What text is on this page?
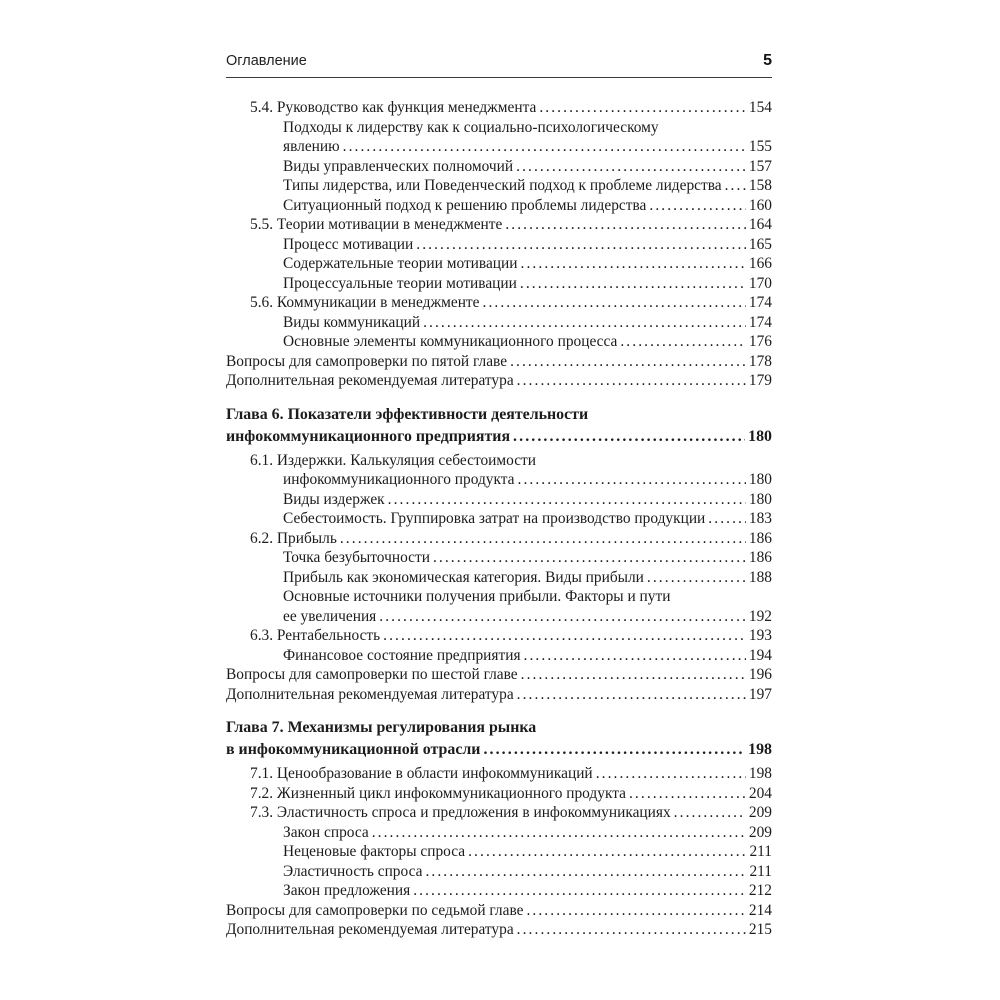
Оглавление	5
5.4. Руководство как функция менеджмента .....	154
Подходы к лидерству как к социально-психологическому
явлению .....	155
Виды управленческих полномочий .....	157
Типы лидерства, или Поведенческий подход к проблеме лидерства ..... 158
Ситуационный подход к решению проблемы лидерства .....	160
5.5. Теории мотивации в менеджменте .....	164
Процесс мотивации .....	165
Содержательные теории мотивации .....	166
Процессуальные теории мотивации .....	170
5.6. Коммуникации в менеджменте .....	174
Виды коммуникаций .....	174
Основные элементы коммуникационного процесса .....	176
Вопросы для самопроверки по пятой главе .....	178
Дополнительная рекомендуемая литература .....	179
Глава 6. Показатели эффективности деятельности
инфокоммуникационного предприятия .....	180
6.1. Издержки. Калькуляция себестоимости
инфокоммуникационного продукта .....	180
Виды издержек .....	180
Себестоимость. Группировка затрат на производство продукции .....	183
6.2. Прибыль .....	186
Точка безубыточности .....	186
Прибыль как экономическая категория. Виды прибыли .....	188
Основные источники получения прибыли. Факторы и пути
ее увеличения .....	192
6.3. Рентабельность .....	193
Финансовое состояние предприятия .....	194
Вопросы для самопроверки по шестой главе .....	196
Дополнительная рекомендуемая литература .....	197
Глава 7. Механизмы регулирования рынка
в инфокоммуникационной отрасли .....	198
7.1. Ценообразование в области инфокоммуникаций .....	198
7.2. Жизненный цикл инфокоммуникационного продукта .....	204
7.3. Эластичность спроса и предложения в инфокоммуникациях .....	209
Закон спроса .....	209
Неценовые факторы спроса .....	211
Эластичность спроса .....	211
Закон предложения .....	212
Вопросы для самопроверки по седьмой главе .....	214
Дополнительная рекомендуемая литература .....	215
